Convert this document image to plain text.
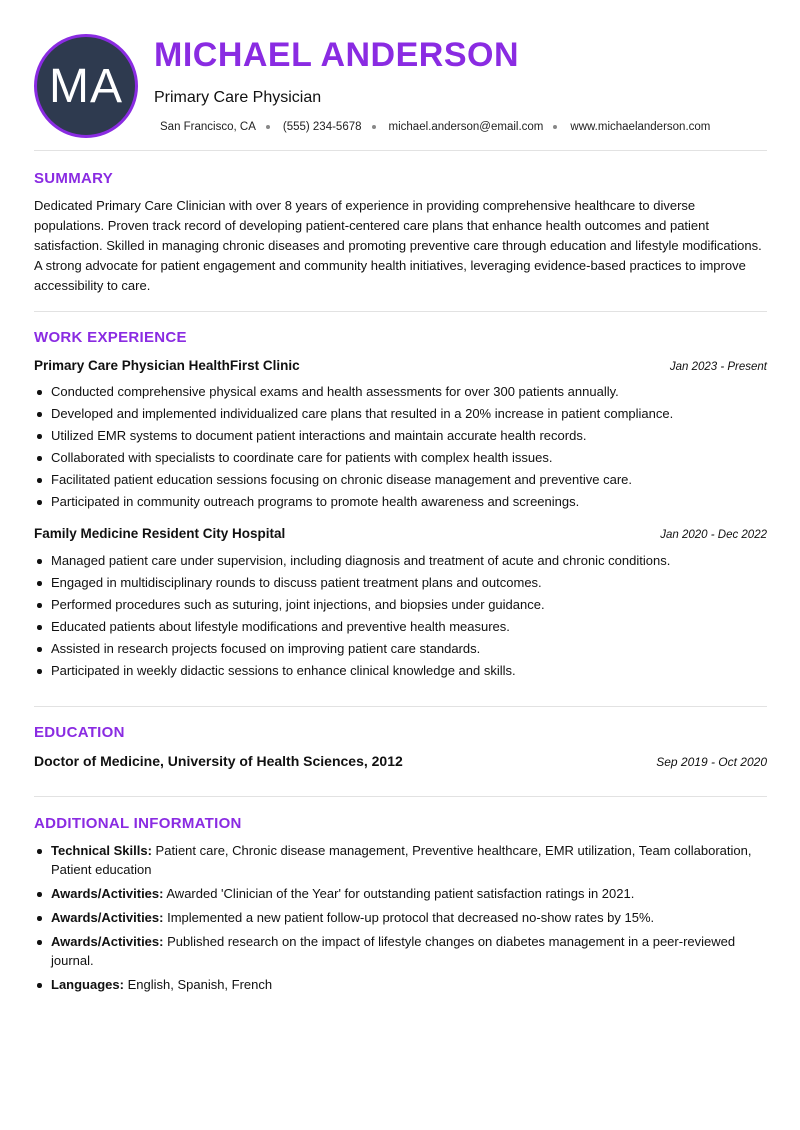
MA
MICHAEL ANDERSON
Primary Care Physician
San Francisco, CA (555) 234-5678 michael.anderson@email.com www.michaelanderson.com
SUMMARY

Dedicated Primary Care Clinician with over 8 years of experience in providing comprehensive healthcare to diverse populations. Proven track record of developing patient-centered care plans that enhance health outcomes and patient satisfaction. Skilled in managing chronic diseases and promoting preventive care through education and lifestyle modifications. A strong advocate for patient engagement and community health initiatives, leveraging evidence-based practices to improve accessibility to care.

WORK EXPERIENCE
Primary Care Physician HealthFirst Clinic	Jan 2023 - Present
Conducted comprehensive physical exams and health assessments for over 300 patients annually.
Developed and implemented individualized care plans that resulted in a 20% increase in patient compliance.
Utilized EMR systems to document patient interactions and maintain accurate health records.
Collaborated with specialists to coordinate care for patients with complex health issues.
Facilitated patient education sessions focusing on chronic disease management and preventive care.
Participated in community outreach programs to promote health awareness and screenings.
Family Medicine Resident City Hospital	Jan 2020 - Dec 2022
Managed patient care under supervision, including diagnosis and treatment of acute and chronic conditions.
Engaged in multidisciplinary rounds to discuss patient treatment plans and outcomes.
Performed procedures such as suturing, joint injections, and biopsies under guidance.
Educated patients about lifestyle modifications and preventive health measures.
Assisted in research projects focused on improving patient care standards.
Participated in weekly didactic sessions to enhance clinical knowledge and skills.
EDUCATION
Doctor of Medicine, University of Health Sciences, 2012	Sep 2019 - Oct 2020
ADDITIONAL INFORMATION
Technical Skills: Patient care, Chronic disease management, Preventive healthcare, EMR utilization, Team collaboration, Patient education
Awards/Activities: Awarded 'Clinician of the Year' for outstanding patient satisfaction ratings in 2021.
Awards/Activities: Implemented a new patient follow-up protocol that decreased no-show rates by 15%.
Awards/Activities: Published research on the impact of lifestyle changes on diabetes management in a peer-reviewed journal.
Languages: English, Spanish, French
